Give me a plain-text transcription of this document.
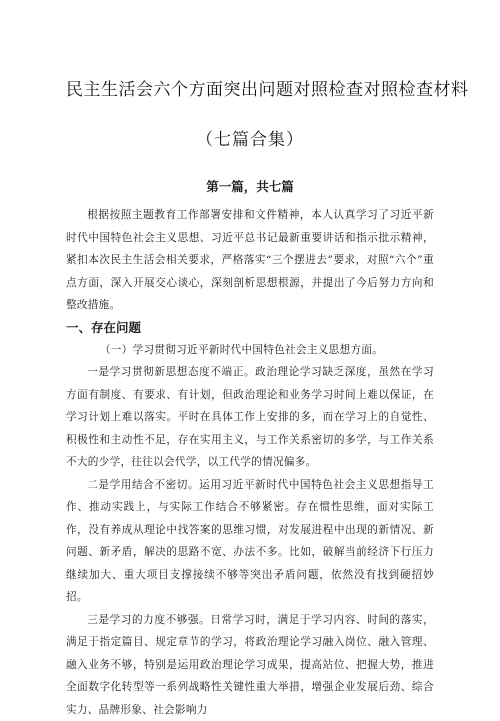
民主生活会六个方面突出问题对照检查对照检查材料
（七篇合集）
第一篇，共七篇

根据按照主题教育工作部署安排和文件精神，本人认真学习了习近平新时代中国特色社会主义思想、习近平总书记最新重要讲话和指示批示精神，紧扣本次民主生活会相关要求，严格落实“三个摆进去”要求，对照“六个”重点方面，深入开展交心谈心，深刻剖析思想根源，并提出了今后努力方向和整改措施。

一、存在问题

（一）学习贯彻习近平新时代中国特色社会主义思想方面。

一是学习贯彻新思想态度不端正。政治理论学习缺乏深度，虽然在学习方面有制度、有要求、有计划，但政治理论和业务学习时间上难以保证，在学习计划上难以落实。平时在具体工作上安排的多，而在学习上的自觉性、积极性和主动性不足，存在实用主义，与工作关系密切的多学，与工作关系不大的少学，往往以会代学，以工代学的情况偏多。

二是学用结合不密切。运用习近平新时代中国特色社会主义思想指导工作、推动实践上，与实际工作结合不够紧密。存在惯性思维，面对实际工作，没有养成从理论中找答案的思维习惯，对发展进程中出现的新情况、新问题、新矛盾，解决的思路不宽、办法不多。比如，破解当前经济下行压力继续加大、重大项目支撑接续不够等突出矛盾问题，依然没有找到硬招妙招。

三是学习的力度不够强。日常学习时，满足于学习内容、时间的落实，满足于指定篇目、规定章节的学习，将政治理论学习融入岗位、融入管理、融入业务不够，特别是运用政治理论学习成果，提高站位、把握大势，推进全面数字化转型等一系列战略性关键性重大举措，增强企业发展后劲、综合实力、品牌形象、社会影响力
